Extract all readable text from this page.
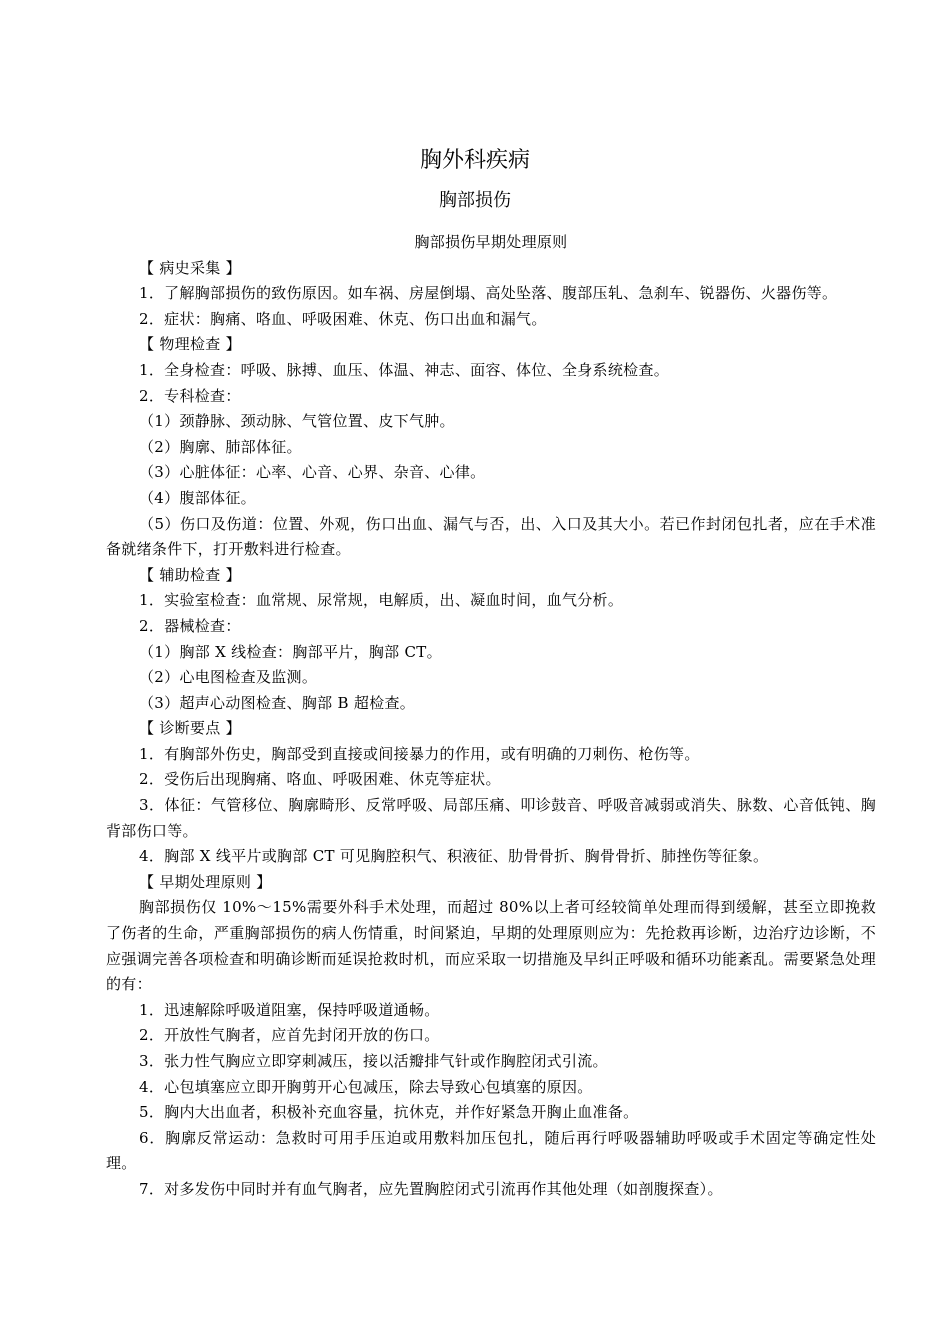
胸外科疾病
胸部损伤

胸部损伤早期处理原则

【 病史采集 】

1．了解胸部损伤的致伤原因。如车祸、房屋倒塌、高处坠落、腹部压轧、急刹车、锐器伤、火器伤等。

2．症状：胸痛、咯血、呼吸困难、休克、伤口出血和漏气。

【 物理检查 】

1．全身检查：呼吸、脉搏、血压、体温、神志、面容、体位、全身系统检查。

2．专科检查：

（1）颈静脉、颈动脉、气管位置、皮下气肿。

（2）胸廓、肺部体征。

（3）心脏体征：心率、心音、心界、杂音、心律。

（4）腹部体征。

（5）伤口及伤道：位置、外观，伤口出血、漏气与否，出、入口及其大小。若已作封闭包扎者，应在手术准备就绪条件下，打开敷料进行检查。

【 辅助检查 】

1．实验室检查：血常规、尿常规，电解质，出、凝血时间，血气分析。

2．器械检查：

（1）胸部 X 线检查：胸部平片，胸部 CT。

（2）心电图检查及监测。

（3）超声心动图检查、胸部 B 超检查。

【 诊断要点 】

1．有胸部外伤史，胸部受到直接或间接暴力的作用，或有明确的刀刺伤、枪伤等。

2．受伤后出现胸痛、咯血、呼吸困难、休克等症状。

3．体征：气管移位、胸廓畸形、反常呼吸、局部压痛、叩诊鼓音、呼吸音减弱或消失、脉数、心音低钝、胸背部伤口等。

4．胸部 X 线平片或胸部 CT 可见胸腔积气、积液征、肋骨骨折、胸骨骨折、肺挫伤等征象。

【 早期处理原则 】

胸部损伤仅 10%～15%需要外科手术处理，而超过 80%以上者可经较简单处理而得到缓解，甚至立即挽救了伤者的生命，严重胸部损伤的病人伤情重，时间紧迫，早期的处理原则应为：先抢救再诊断，边治疗边诊断，不应强调完善各项检查和明确诊断而延误抢救时机，而应采取一切措施及早纠正呼吸和循环功能紊乱。需要紧急处理的有：

1．迅速解除呼吸道阻塞，保持呼吸道通畅。

2．开放性气胸者，应首先封闭开放的伤口。

3．张力性气胸应立即穿刺减压，接以活瓣排气针或作胸腔闭式引流。

4．心包填塞应立即开胸剪开心包减压，除去导致心包填塞的原因。

5．胸内大出血者，积极补充血容量，抗休克，并作好紧急开胸止血准备。

6．胸廓反常运动：急救时可用手压迫或用敷料加压包扎，随后再行呼吸器辅助呼吸或手术固定等确定性处理。

7．对多发伤中同时并有血气胸者，应先置胸腔闭式引流再作其他处理（如剖腹探查）。
